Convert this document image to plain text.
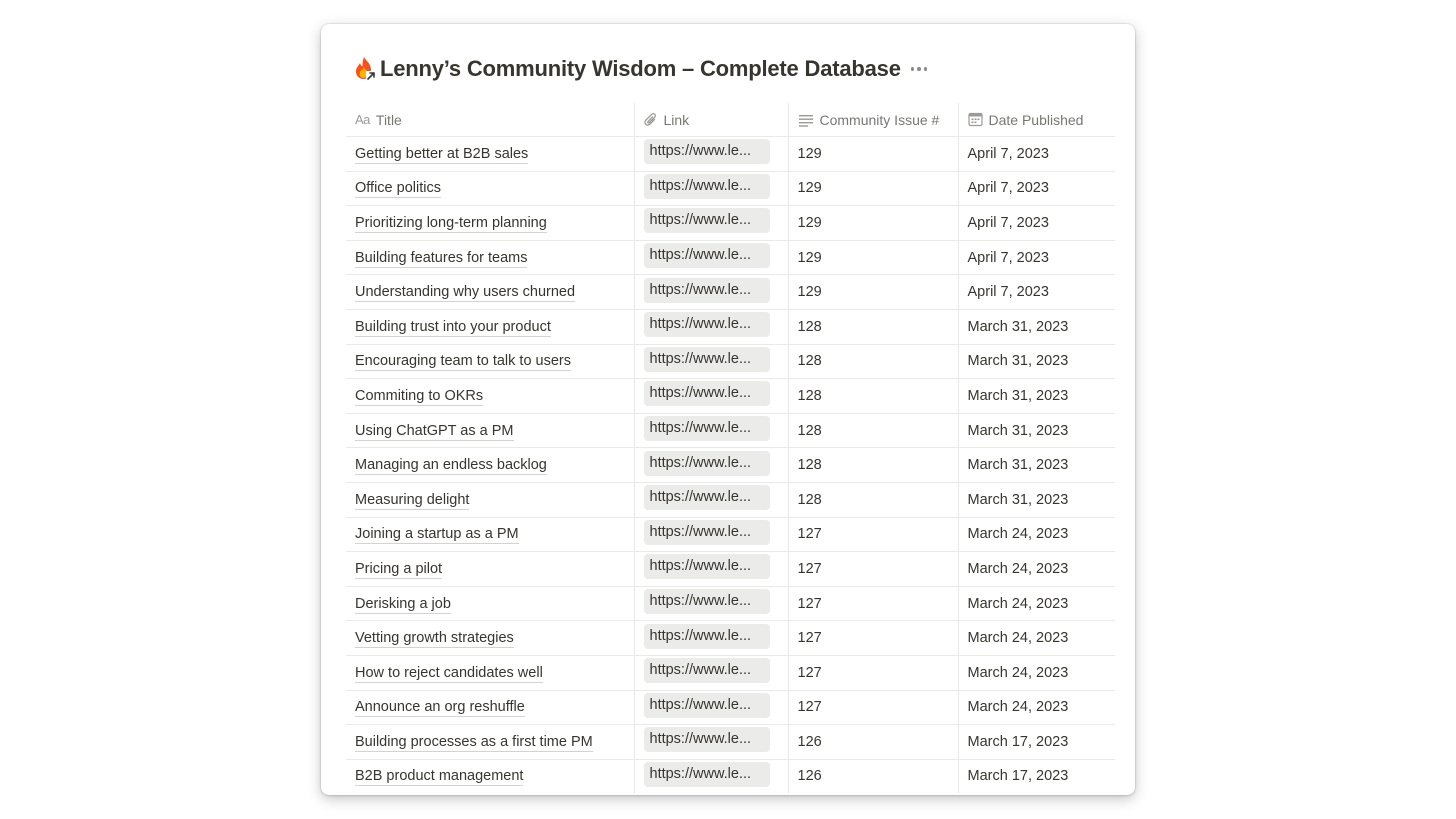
Lenny’s Community Wisdom – Complete Database
Aa Title	Link	Community Issue #	Date Published

Getting better at B2B sales	https://www.le...	129	April 7, 2023
Office politics	https://www.le...	129	April 7, 2023
Prioritizing long-term planning	https://www.le...	129	April 7, 2023
Building features for teams	https://www.le...	129	April 7, 2023
Understanding why users churned	https://www.le...	129	April 7, 2023
Building trust into your product	https://www.le...	128	March 31, 2023
Encouraging team to talk to users	https://www.le...	128	March 31, 2023
Commiting to OKRs	https://www.le...	128	March 31, 2023
Using ChatGPT as a PM	https://www.le...	128	March 31, 2023
Managing an endless backlog	https://www.le...	128	March 31, 2023
Measuring delight	https://www.le...	128	March 31, 2023
Joining a startup as a PM	https://www.le...	127	March 24, 2023
Pricing a pilot	https://www.le...	127	March 24, 2023
Derisking a job	https://www.le...	127	March 24, 2023
Vetting growth strategies	https://www.le...	127	March 24, 2023
How to reject candidates well	https://www.le...	127	March 24, 2023
Announce an org reshuffle	https://www.le...	127	March 24, 2023
Building processes as a first time PM	https://www.le...	126	March 17, 2023
B2B product management	https://www.le...	126	March 17, 2023
